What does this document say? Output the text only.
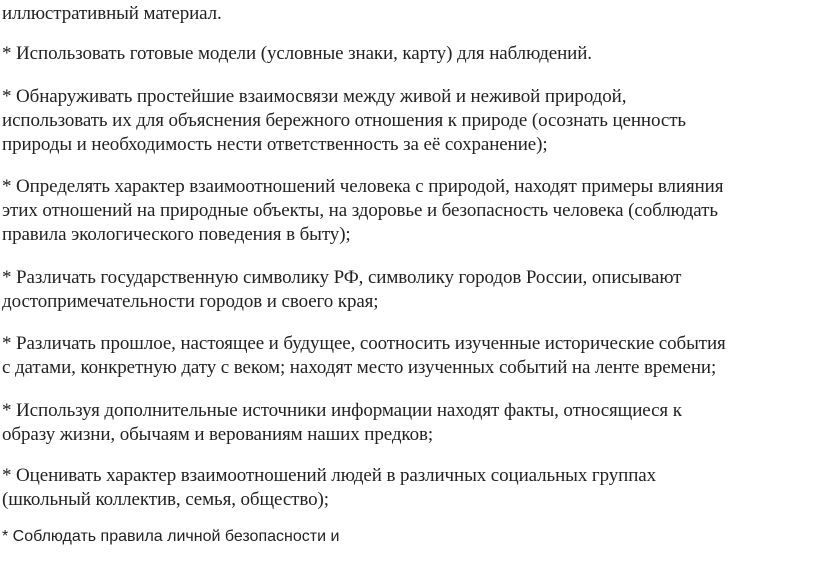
иллюстративный материал.

* Использовать готовые модели (условные знаки, карту) для наблюдений.

* Обнаруживать простейшие взаимосвязи между живой и неживой природой,
использовать их для объяснения бережного отношения к природе (осознать ценность
природы и необходимость нести ответственность за её сохранение);

* Определять характер взаимоотношений человека с природой, находят примеры влияния
этих отношений на природные объекты, на здоровье и безопасность человека (соблюдать
правила экологического поведения в быту);

* Различать государственную символику РФ, символику городов России, описывают
достопримечательности городов и своего края;

* Различать прошлое, настоящее и будущее, соотносить изученные исторические события
с датами, конкретную дату с веком; находят место изученных событий на ленте времени;

* Используя дополнительные источники информации находят факты, относящиеся к
образу жизни, обычаям и верованиям наших предков;

* Оценивать характер взаимоотношений людей в различных социальных группах
(школьный коллектив, семья, общество);

* Соблюдать правила личной безопасности и
